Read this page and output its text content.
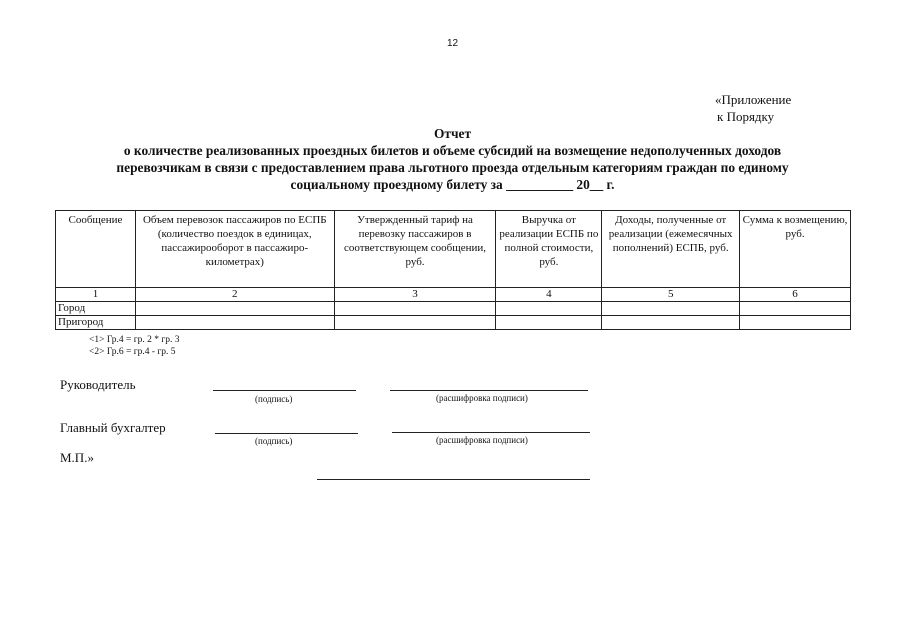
12
«Приложение
к Порядку
Отчет
о количестве реализованных проездных билетов и объеме субсидий на возмещение недополученных доходов
перевозчикам в связи с предоставлением права льготного проезда отдельным категориям граждан по единому
социальному проездному билету за __________ 20__ г.
Сообщение	Объем перевозок пассажиров по ЕСПБ (количество поездок в единицах, пассажирооборот в пассажиро-километрах)	Утвержденный тариф на перевозку пассажиров в соответствующем сообщении, руб.	Выручка от реализации ЕСПБ по полной стоимости, руб.	Доходы, полученные от реализации (ежемесячных пополнений) ЕСПБ, руб.	Сумма к возмещению, руб.
1	2	3	4	5	6
Город					
Пригород					
<1> Гр.4 = гр. 2 * гр. 3
<2> Гр.6 = гр.4 - гр. 5
Руководитель
(подпись)	(расшифровка подписи)
Главный бухгалтер
(подпись)	(расшифровка подписи)
М.П.»
